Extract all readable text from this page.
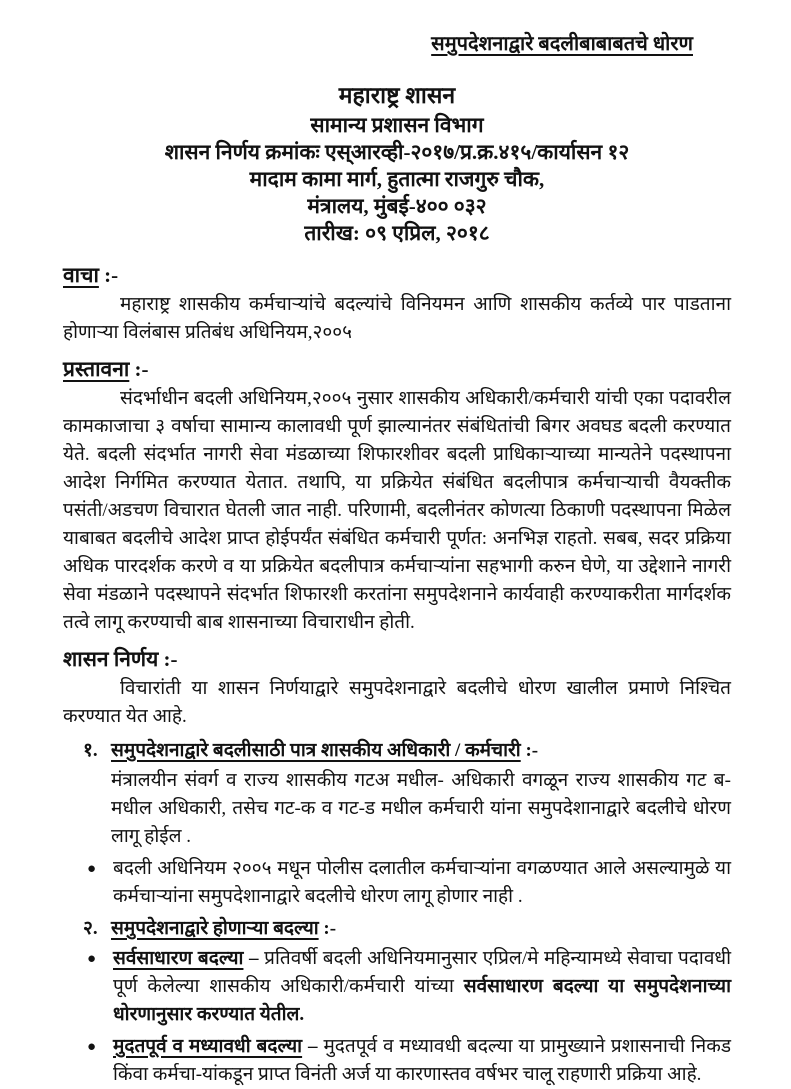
समुपदेशनाद्वारे बदलीबाबाबतचे धोरण
महाराष्ट्र शासन
सामान्य प्रशासन विभाग
शासन निर्णय क्रमांकः एस्आरव्ही-२०१७/प्र.क्र.४१५/कार्यासन १२
मादाम कामा मार्ग, हुतात्मा राजगुरु चौक,
मंत्रालय, मुंबई-४०० ०३२
तारीख: ०९ एप्रिल, २०१८
वाचा :-

महाराष्ट्र शासकीय कर्मचाऱ्यांचे बदल्यांचे विनियमन आणि शासकीय कर्तव्ये पार पाडताना होणाऱ्या विलंबास प्रतिबंध अधिनियम,२००५

प्रस्तावना :-

संदर्भाधीन बदली अधिनियम,२००५ नुसार शासकीय अधिकारी/कर्मचारी यांची एका पदावरील कामकाजाचा ३ वर्षाचा सामान्य कालावधी पूर्ण झाल्यानंतर संबंधितांची बिगर अवघड बदली करण्यात येते. बदली संदर्भात नागरी सेवा मंडळाच्या शिफारशीवर बदली प्राधिकाऱ्याच्या मान्यतेने पदस्थापना आदेश निर्गमित करण्यात येतात. तथापि, या प्रक्रियेत संबंधित बदलीपात्र कर्मचाऱ्याची वैयक्तीक पसंती/अडचण विचारात घेतली जात नाही. परिणामी, बदलीनंतर कोणत्या ठिकाणी पदस्थापना मिळेल याबाबत बदलीचे आदेश प्राप्त होईपर्यंत संबंधित कर्मचारी पूर्णत: अनभिज्ञ राहतो. सबब, सदर प्रक्रिया अधिक पारदर्शक करणे व या प्रक्रियेत बदलीपात्र कर्मचाऱ्यांना सहभागी करुन घेणे, या उद्देशाने नागरी सेवा मंडळाने पदस्थापने संदर्भात शिफारशी करतांना समुपदेशनाने कार्यवाही करण्याकरीता मार्गदर्शक तत्वे लागू करण्याची बाब शासनाच्या विचाराधीन होती.

शासन निर्णय :-

विचारांती या शासन निर्णयाद्वारे समुपदेशनाद्वारे बदलीचे धोरण खालील प्रमाणे निश्चित करण्यात येत आहे.

१. समुपदेशनाद्वारे बदलीसाठी पात्र शासकीय अधिकारी / कर्मचारी :-
मंत्रालयीन संवर्ग व राज्य शासकीय गटअ मधील- अधिकारी वगळून राज्य शासकीय गट ब- मधील अधिकारी, तसेच गट-क व गट-ड मधील कर्मचारी यांना समुपदेशानाद्वारे बदलीचे धोरण लागू होईल .
● बदली अधिनियम २००५ मधून पोलीस दलातील कर्मचाऱ्यांना वगळण्यात आले असल्यामुळे या कर्मचाऱ्यांना समुपदेशानाद्वारे बदलीचे धोरण लागू होणार नाही .
२. समुपदेशनाद्वारे होणाऱ्या बदल्या :-
● सर्वसाधारण बदल्या – प्रतिवर्षी बदली अधिनियमानुसार एप्रिल/मे महिन्यामध्ये सेवाचा पदावधी पूर्ण केलेल्या शासकीय अधिकारी/कर्मचारी यांच्या सर्वसाधारण बदल्या या समुपदेशनाच्या धोरणानुसार करण्यात येतील.
● मुदतपूर्व व मध्यावधी बदल्या – मुदतपूर्व व मध्यावधी बदल्या या प्रामुख्याने प्रशासनाची निकड किंवा कर्मचा-यांकडून प्राप्त विनंती अर्ज या कारणास्तव वर्षभर चालू राहणारी प्रक्रिया आहे.
